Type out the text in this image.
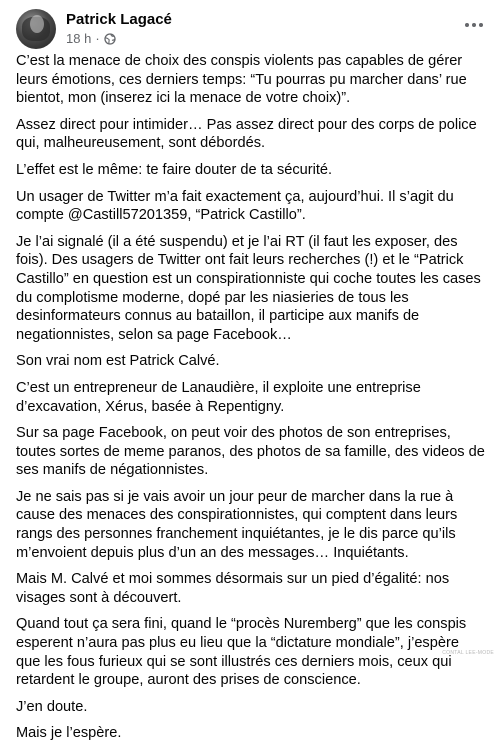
Patrick Lagacé
18 h ·

C’est la menace de choix des conspis violents pas capables de gérer leurs émotions, ces derniers temps: “Tu pourras pu marcher dans’ rue bientot, mon (inserez ici la menace de votre choix)”.

Assez direct pour intimider… Pas assez direct pour des corps de police qui, malheureusement, sont débordés.

L’effet est le même: te faire douter de ta sécurité.

Un usager de Twitter m’a fait exactement ça, aujourd’hui. Il s’agit du compte @Castill57201359, “Patrick Castillo”.

Je l’ai signalé (il a été suspendu) et je l’ai RT (il faut les exposer, des fois). Des usagers de Twitter ont fait leurs recherches (!) et le “Patrick Castillo” en question est un conspirationniste qui coche toutes les cases du complotisme moderne, dopé par les niasieries de tous les desinformateurs connus au bataillon, il participe aux manifs de negationnistes, selon sa page Facebook…

Son vrai nom est Patrick Calvé.

C’est un entrepreneur de Lanaudière, il exploite une entreprise d’excavation, Xérus, basée à Repentigny.

Sur sa page Facebook, on peut voir des photos de son entreprises, toutes sortes de meme paranos, des photos de sa famille, des videos de ses manifs de négationnistes.

Je ne sais pas si je vais avoir un jour peur de marcher dans la rue à cause des menaces des conspirationnistes, qui comptent dans leurs rangs des personnes franchement inquiétantes, je le dis parce qu’ils m’envoient depuis plus d’un an des messages… Inquiétants.

Mais M. Calvé et moi sommes désormais sur un pied d’égalité: nos visages sont à découvert.

Quand tout ça sera fini, quand le “procès Nuremberg” que les conspis esperent n’aura pas plus eu lieu que la “dictature mondiale”, j’espère que les fous furieux qui se sont illustrés ces derniers mois, ceux qui retardent le groupe, auront des prises de conscience.

J’en doute.

Mais je l’espère.

CONTAL LEE-MODE
